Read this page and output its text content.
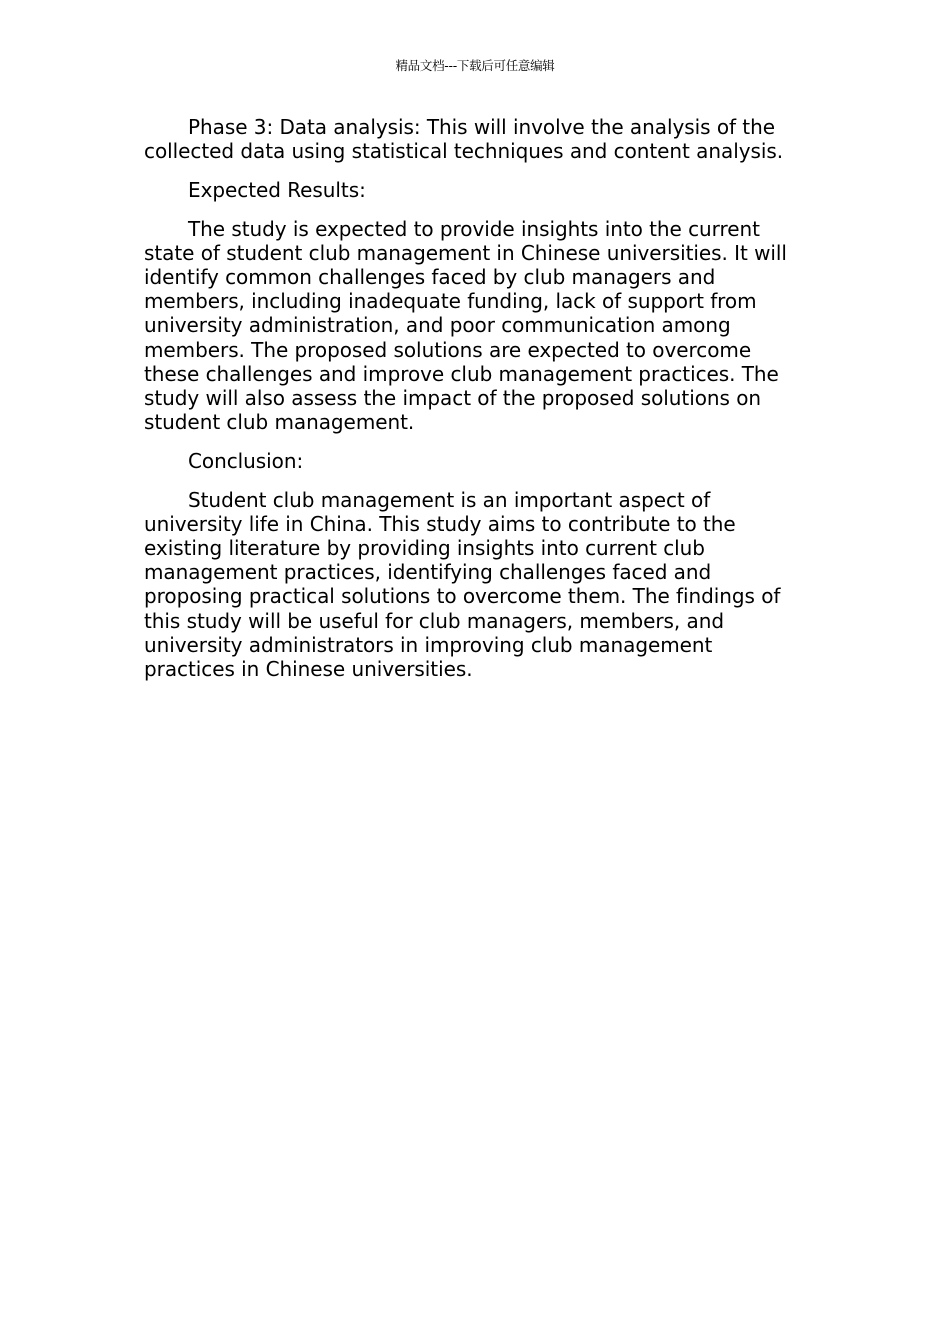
精品文档---下载后可任意编辑

Phase 3: Data analysis: This will involve the analysis of the collected data using statistical techniques and content analysis.

Expected Results:

The study is expected to provide insights into the current state of student club management in Chinese universities. It will identify common challenges faced by club managers and members, including inadequate funding, lack of support from university administration, and poor communication among members. The proposed solutions are expected to overcome these challenges and improve club management practices. The study will also assess the impact of the proposed solutions on student club management.

Conclusion:

Student club management is an important aspect of university life in China. This study aims to contribute to the existing literature by providing insights into current club management practices, identifying challenges faced and proposing practical solutions to overcome them. The findings of this study will be useful for club managers, members, and university administrators in improving club management practices in Chinese universities.
